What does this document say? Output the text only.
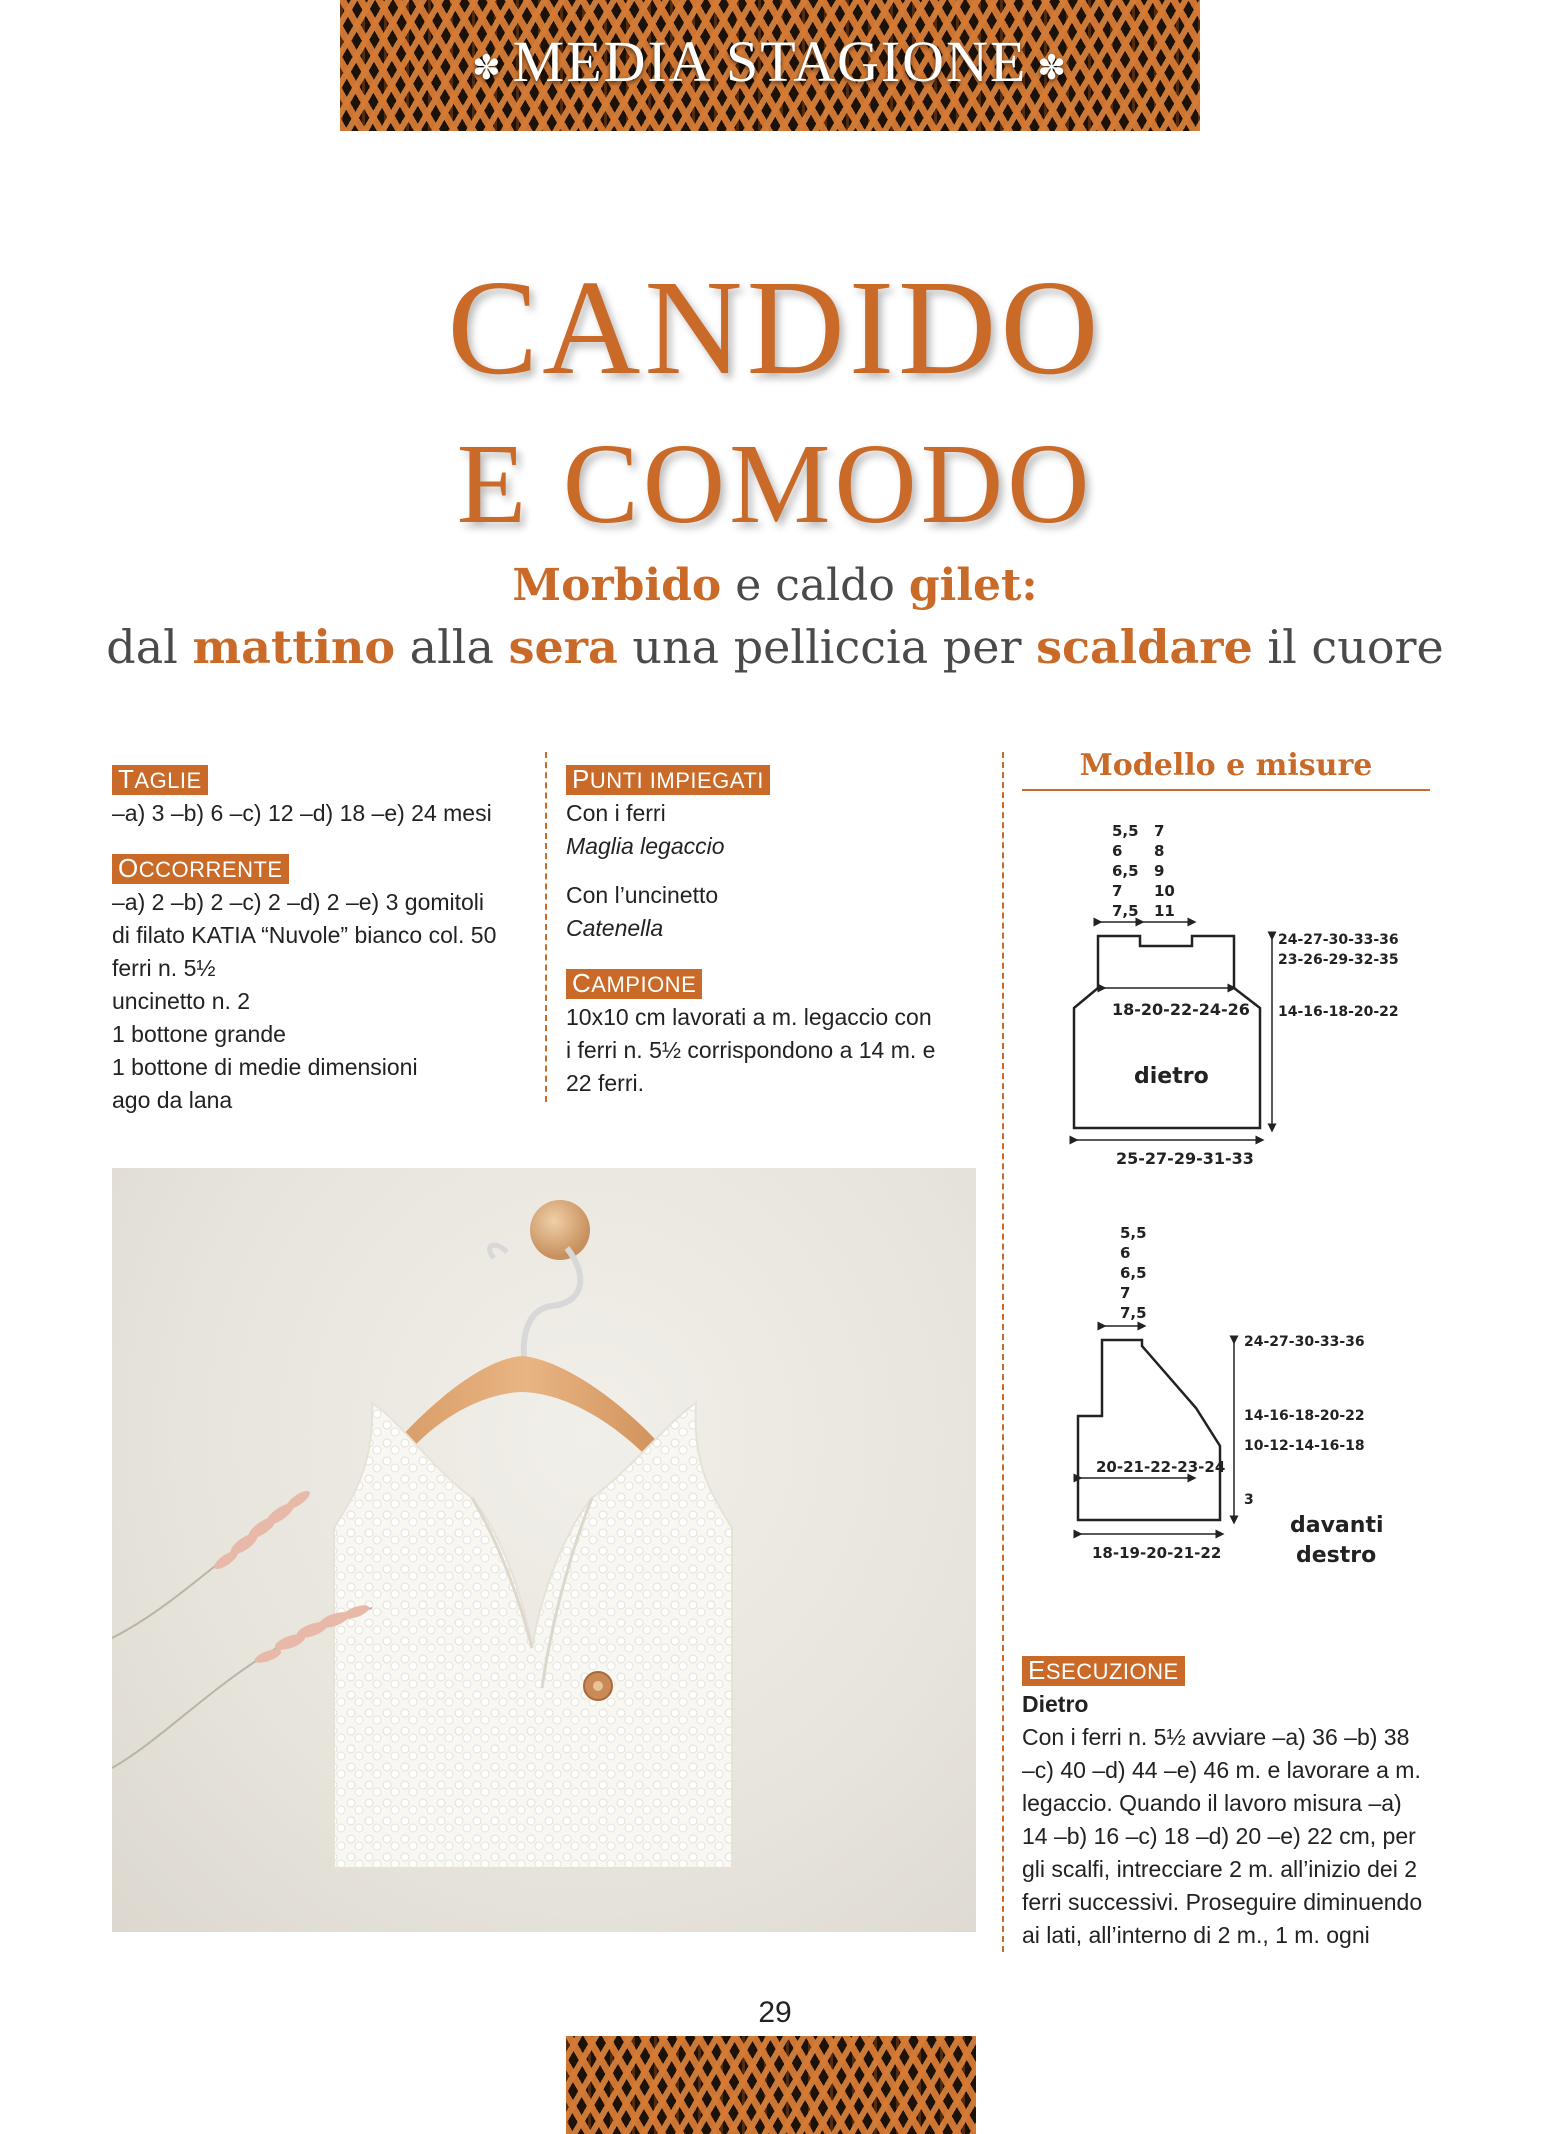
✽ MEDIA STAGIONE ✽
CANDIDO
E COMODO
Morbido e caldo gilet:
dal mattino alla sera una pelliccia per scaldare il cuore
TAGLIE
–a) 3 –b) 6 –c) 12 –d) 18 –e) 24 mesi
OCCORRENTE
–a) 2 –b) 2 –c) 2 –d) 2 –e) 3 gomitoli
di filato KATIA “Nuvole” bianco col. 50
ferri n. 5½
uncinetto n. 2
1 bottone grande
1 bottone di medie dimensioni
ago da lana
PUNTI IMPIEGATI
Con i ferri
Maglia legaccio
Con l’uncinetto
Catenella
CAMPIONE
10x10 cm lavorati a m. legaccio con
i ferri n. 5½ corrispondono a 14 m. e
22 ferri.
Modello e misure
5,5
6
6,5
7
7,5
7
8
9
10
11
18-20-22-24-26
dietro
24-27-30-33-36
23-26-29-32-35
14-16-18-20-22
25-27-29-31-33
5,5
6
6,5
7
7,5
20-21-22-23-24
24-27-30-33-36
14-16-18-20-22
10-12-14-16-18
3
davanti
destro
18-19-20-21-22
ESECUZIONE
Dietro
Con i ferri n. 5½ avviare –a) 36 –b) 38
–c) 40 –d) 44 –e) 46 m. e lavorare a m.
legaccio. Quando il lavoro misura –a)
14 –b) 16 –c) 18 –d) 20 –e) 22 cm, per
gli scalfi, intrecciare 2 m. all’inizio dei 2
ferri successivi. Proseguire diminuendo
ai lati, all’interno di 2 m., 1 m. ogni
29
